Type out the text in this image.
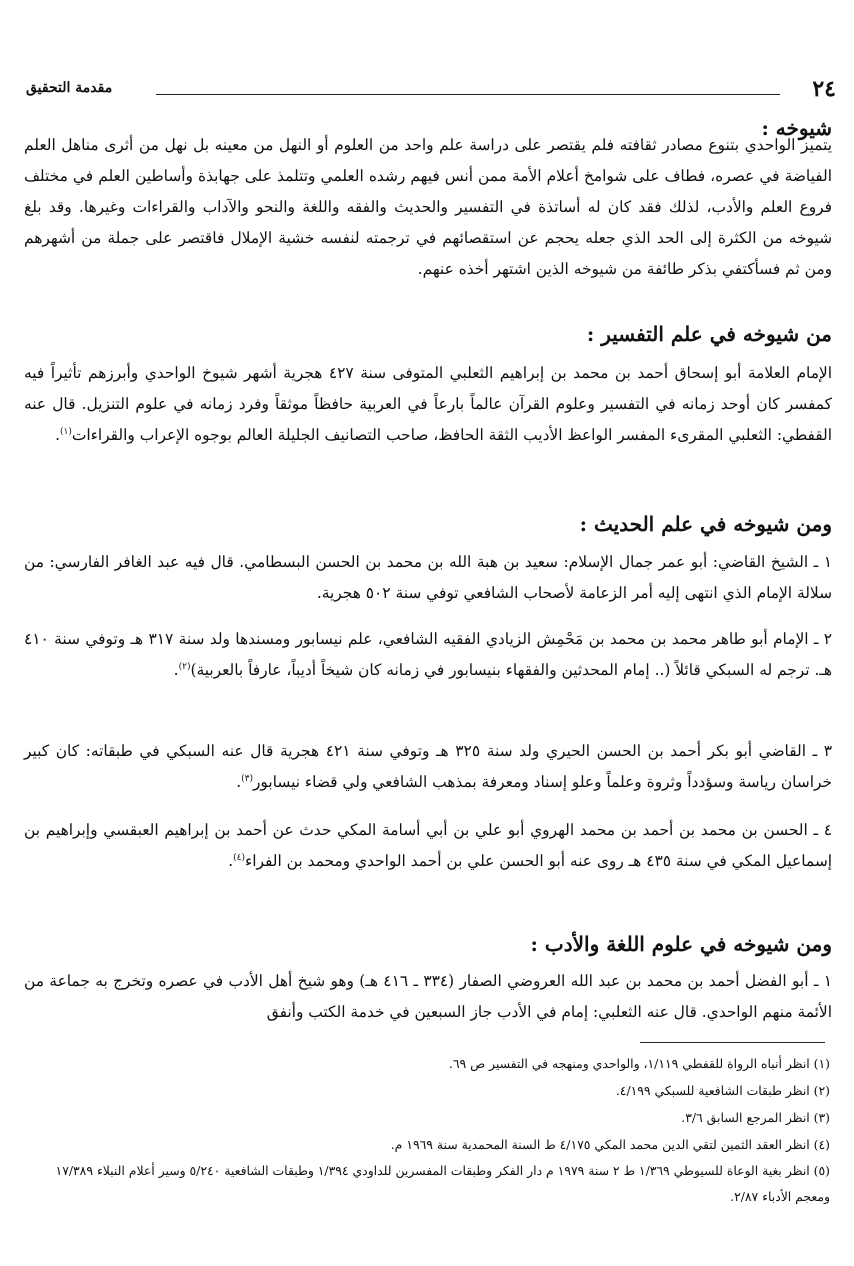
٢٤
مقدمة التحقيق
شيوخه :

يتميز الواحدي بتنوع مصادر ثقافته فلم يقتصر على دراسة علم واحد من العلوم أو النهل من معينه بل نهل من أثرى مناهل العلم الفياضة في عصره، فطاف على شوامخ أعلام الأمة ممن أنس فيهم رشده العلمي وتتلمذ على جهابذة وأساطين العلم في مختلف فروع العلم والأدب، لذلك فقد كان له أساتذة في التفسير والحديث والفقه واللغة والنحو والآداب والقراءات وغيرها. وقد بلغ شيوخه من الكثرة إلى الحد الذي جعله يحجم عن استقصائهم في ترجمته لنفسه خشية الإملال فاقتصر على جملة من أشهرهم ومن ثم فسأكتفي بذكر طائفة من شيوخه الذين اشتهر أخذه عنهم.

من شيوخه في علم التفسير :

الإمام العلامة أبو إسحاق أحمد بن محمد بن إبراهيم الثعلبي المتوفى سنة ٤٢٧ هجرية أشهر شيوخ الواحدي وأبرزهم تأثيراً فيه كمفسر كان أوحد زمانه في التفسير وعلوم القرآن عالماً بارعاً في العربية حافظاً موثقاً وفرد زمانه في علوم التنزيل. قال عنه القفطي: الثعلبي المقرىء المفسر الواعظ الأديب الثقة الحافظ، صاحب التصانيف الجليلة العالم بوجوه الإعراب والقراءات$^{(١)}$.

ومن شيوخه في علم الحديث :

١ ـ الشيخ القاضي: أبو عمر جمال الإسلام: سعيد بن هبة الله بن محمد بن الحسن البسطامي. قال فيه عبد الغافر الفارسي: من سلالة الإمام الذي انتهى إليه أمر الزعامة لأصحاب الشافعي توفي سنة ٥٠٢ هجرية.

٢ ـ الإمام أبو طاهر محمد بن محمد بن مَحْمِش الزيادي الفقيه الشافعي، علم نيسابور ومسندها ولد سنة ٣١٧ هـ وتوفي سنة ٤١٠ هـ. ترجم له السبكي قائلاً (.. إمام المحدثين والفقهاء بنيسابور في زمانه كان شيخاً أديباً، عارفاً بالعربية)$^{(٢)}$.

٣ ـ القاضي أبو بكر أحمد بن الحسن الحيري ولد سنة ٣٢٥ هـ وتوفي سنة ٤٢١ هجرية قال عنه السبكي في طبقاته: كان كبير خراسان رياسة وسؤدداً وثروة وعلماً وعلو إسناد ومعرفة بمذهب الشافعي ولي قضاء نيسابور$^{(٣)}$.

٤ ـ الحسن بن محمد بن أحمد بن محمد الهروي أبو علي بن أبي أسامة المكي حدث عن أحمد بن إبراهيم العبقسي وإبراهيم بن إسماعيل المكي في سنة ٤٣٥ هـ روى عنه أبو الحسن علي بن أحمد الواحدي ومحمد بن الفراء$^{(٤)}$.

ومن شيوخه في علوم اللغة والأدب :

١ ـ أبو الفضل أحمد بن محمد بن عبد الله العروضي الصفار (٣٣٤ ـ ٤١٦ هـ) وهو شيخ أهل الأدب في عصره وتخرج به جماعة من الأئمة منهم الواحدي. قال عنه الثعلبي: إمام في الأدب جاز السبعين في خدمة الكتب وأنفق

(١) انظر أنباه الرواة للقفطي ١/١١٩، والواحدي ومنهجه في التفسير ص ٦٩.
(٢) انظر طبقات الشافعية للسبكي ٤/١٩٩.
(٣) انظر المرجع السابق ٣/٦.
(٤) انظر العقد الثمين لتقي الدين محمد المكي ٤/١٧٥ ط السنة المحمدية سنة ١٩٦٩ م.
(٥) انظر بغية الوعاة للسيوطي ١/٣٦٩ ط ٢ سنة ١٩٧٩ م دار الفكر وطبقات المفسرين للداودي ١/٣٩٤ وطبقات الشافعية ٥/٢٤٠ وسير أعلام النبلاء ١٧/٣٨٩ ومعجم الأدباء ٢/٨٧.
